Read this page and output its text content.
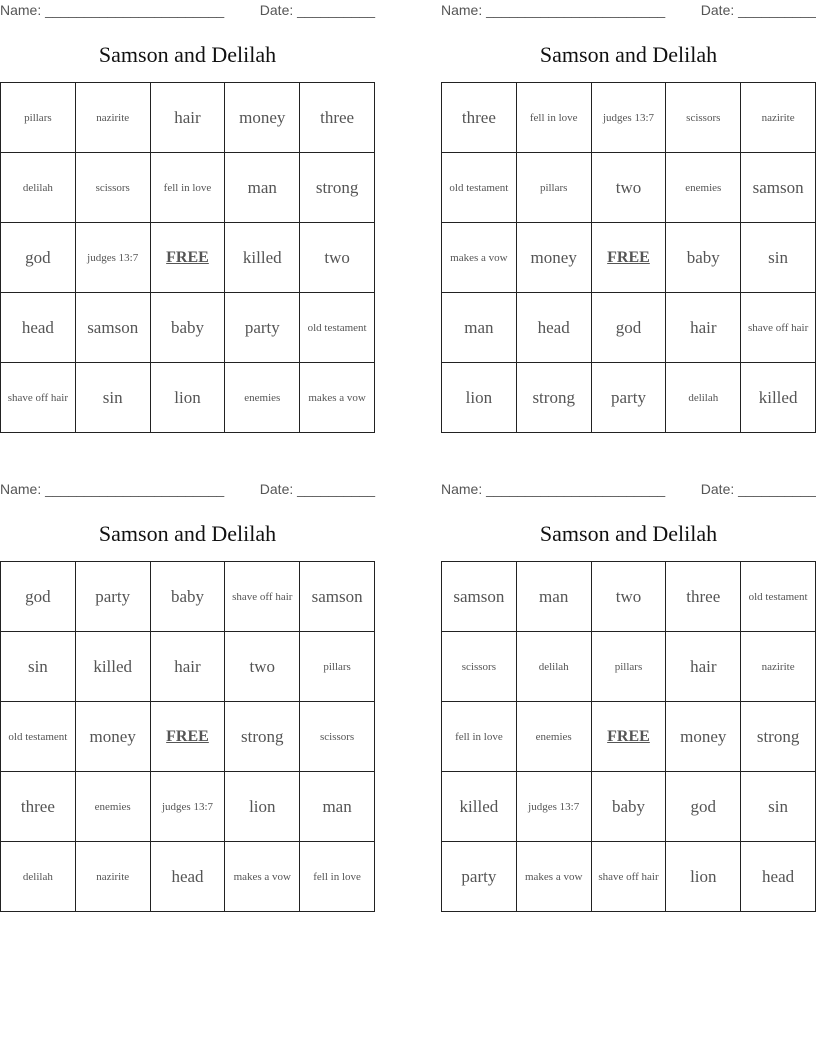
Name: _______________________	Date: __________
Samson and Delilah
pillars	nazirite	hair	money	three
delilah	scissors	fell in love	man	strong
god	judges 13:7	FREE	killed	two
head	samson	baby	party	old testament
shave off hair	sin	lion	enemies	makes a vow
Name: _______________________	Date: __________
Samson and Delilah
three	fell in love	judges 13:7	scissors	nazirite
old testament	pillars	two	enemies	samson
makes a vow	money	FREE	baby	sin
man	head	god	hair	shave off hair
lion	strong	party	delilah	killed
Name: _______________________	Date: __________
Samson and Delilah
god	party	baby	shave off hair	samson
sin	killed	hair	two	pillars
old testament	money	FREE	strong	scissors
three	enemies	judges 13:7	lion	man
delilah	nazirite	head	makes a vow	fell in love
Name: _______________________	Date: __________
Samson and Delilah
samson	man	two	three	old testament
scissors	delilah	pillars	hair	nazirite
fell in love	enemies	FREE	money	strong
killed	judges 13:7	baby	god	sin
party	makes a vow	shave off hair	lion	head
